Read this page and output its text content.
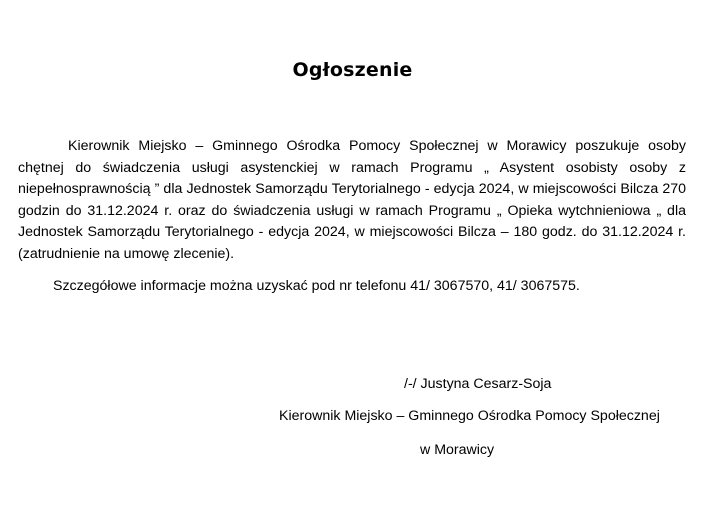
Ogłoszenie

Kierownik Miejsko – Gminnego Ośrodka Pomocy Społecznej w Morawicy poszukuje osoby chętnej do świadczenia usługi asystenckiej w ramach Programu „ Asystent osobisty osoby z niepełnosprawnością ” dla Jednostek Samorządu Terytorialnego - edycja 2024, w miejscowości Bilcza 270 godzin do 31.12.2024 r. oraz do świadczenia usługi w ramach Programu „ Opieka wytchnieniowa „ dla Jednostek Samorządu Terytorialnego - edycja 2024, w miejscowości Bilcza – 180 godz. do 31.12.2024 r. (zatrudnienie na umowę zlecenie).

Szczegółowe informacje można uzyskać pod nr telefonu 41/ 3067570, 41/ 3067575.

/-/ Justyna Cesarz-Soja
Kierownik Miejsko – Gminnego Ośrodka Pomocy Społecznej
w Morawicy
